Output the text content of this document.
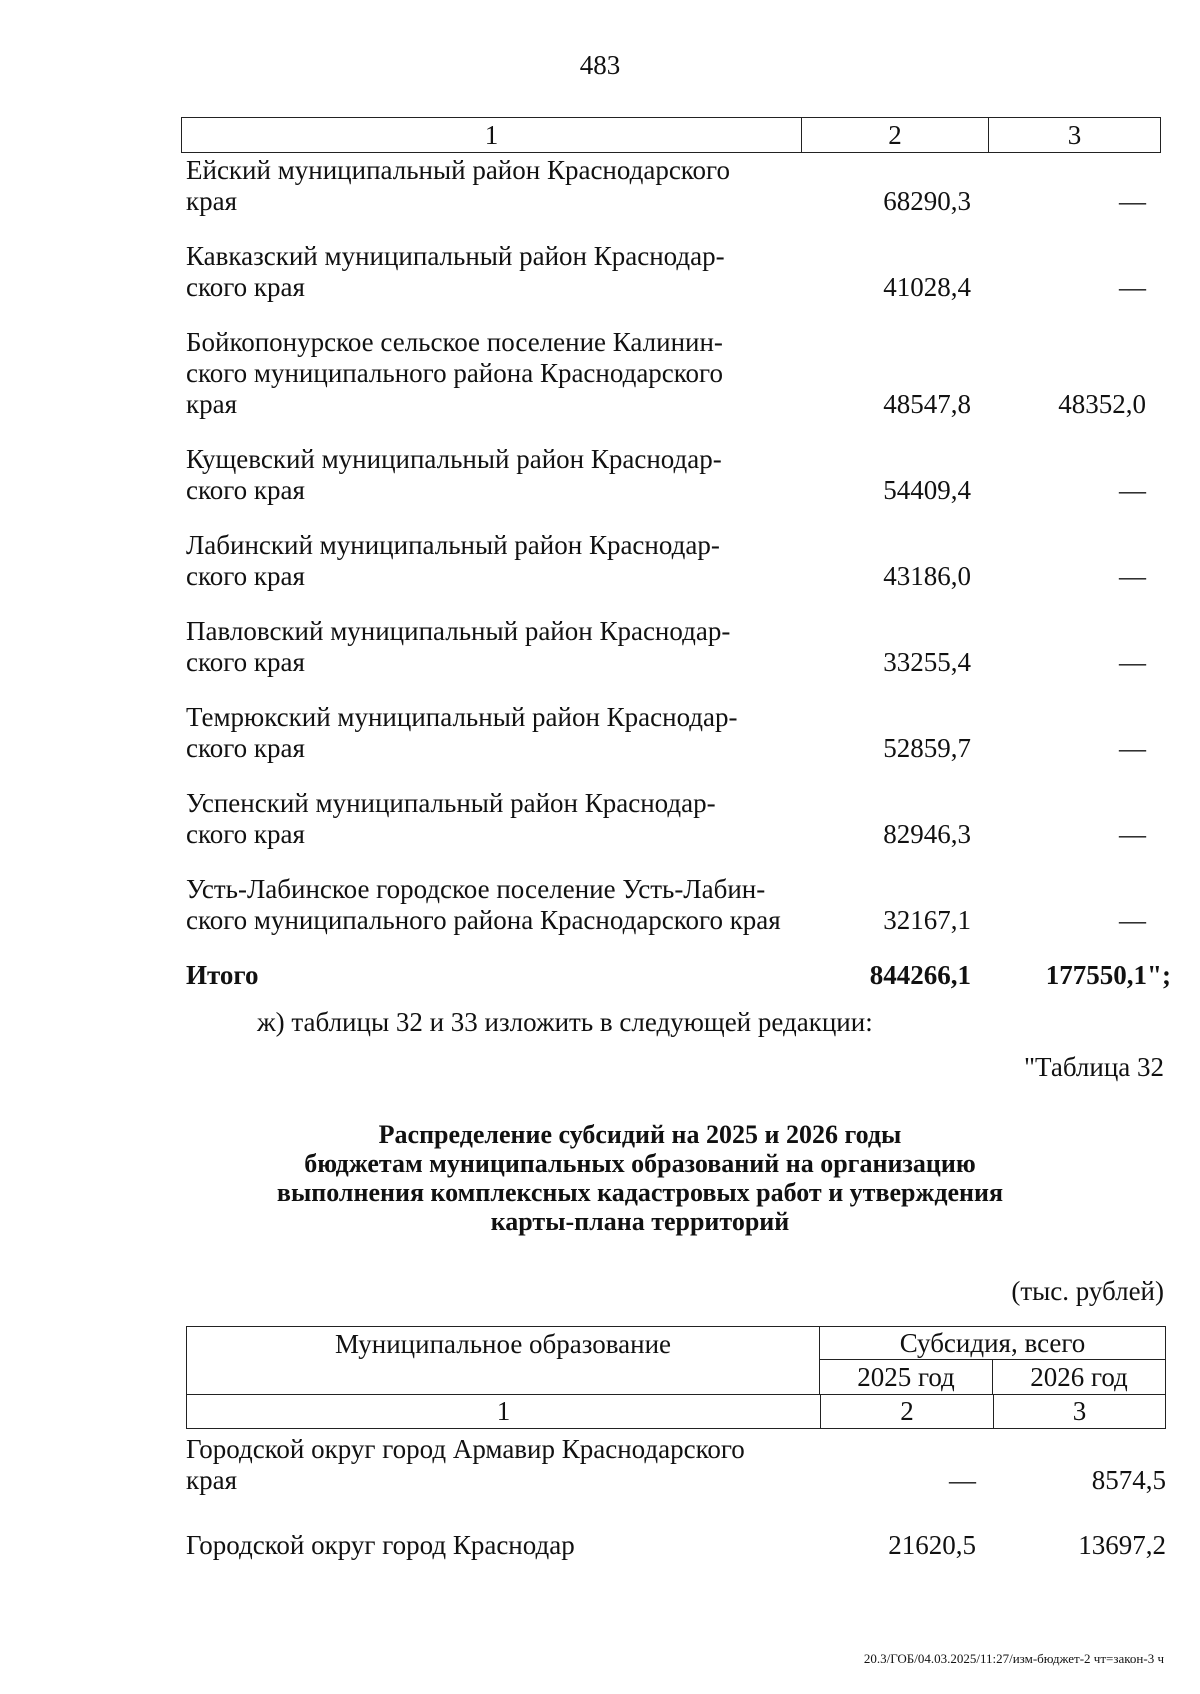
483
1	2	3
Ейский муниципальный район Краснодарского
края	68290,3	—
Кавказский муниципальный район Краснодар-
ского края	41028,4	—
Бойкопонурское сельское поселение Калинин-
ского муниципального района Краснодарского
края	48547,8	48352,0
Кущевский муниципальный район Краснодар-
ского края	54409,4	—
Лабинский муниципальный район Краснодар-
ского края	43186,0	—
Павловский муниципальный район Краснодар-
ского края	33255,4	—
Темрюкский муниципальный район Краснодар-
ского края	52859,7	—
Успенский муниципальный район Краснодар-
ского края	82946,3	—
Усть-Лабинское городское поселение Усть-Лабин-
ского муниципального района Краснодарского края	32167,1	—
Итого	844266,1	177550,1";
ж) таблицы 32 и 33 изложить в следующей редакции:
"Таблица 32
Распределение субсидий на 2025 и 2026 годы
бюджетам муниципальных образований на организацию
выполнения комплексных кадастровых работ и утверждения
карты-плана территорий
(тыс. рублей)
Муниципальное образование	Субсидия, всего
2025 год	2026 год
1	2	3
Городской округ город Армавир Краснодарского
края	—	8574,5
Городской округ город Краснодар	21620,5	13697,2
20.3/ГОБ/04.03.2025/11:27/изм-бюджет-2 чт=закон-3 ч
